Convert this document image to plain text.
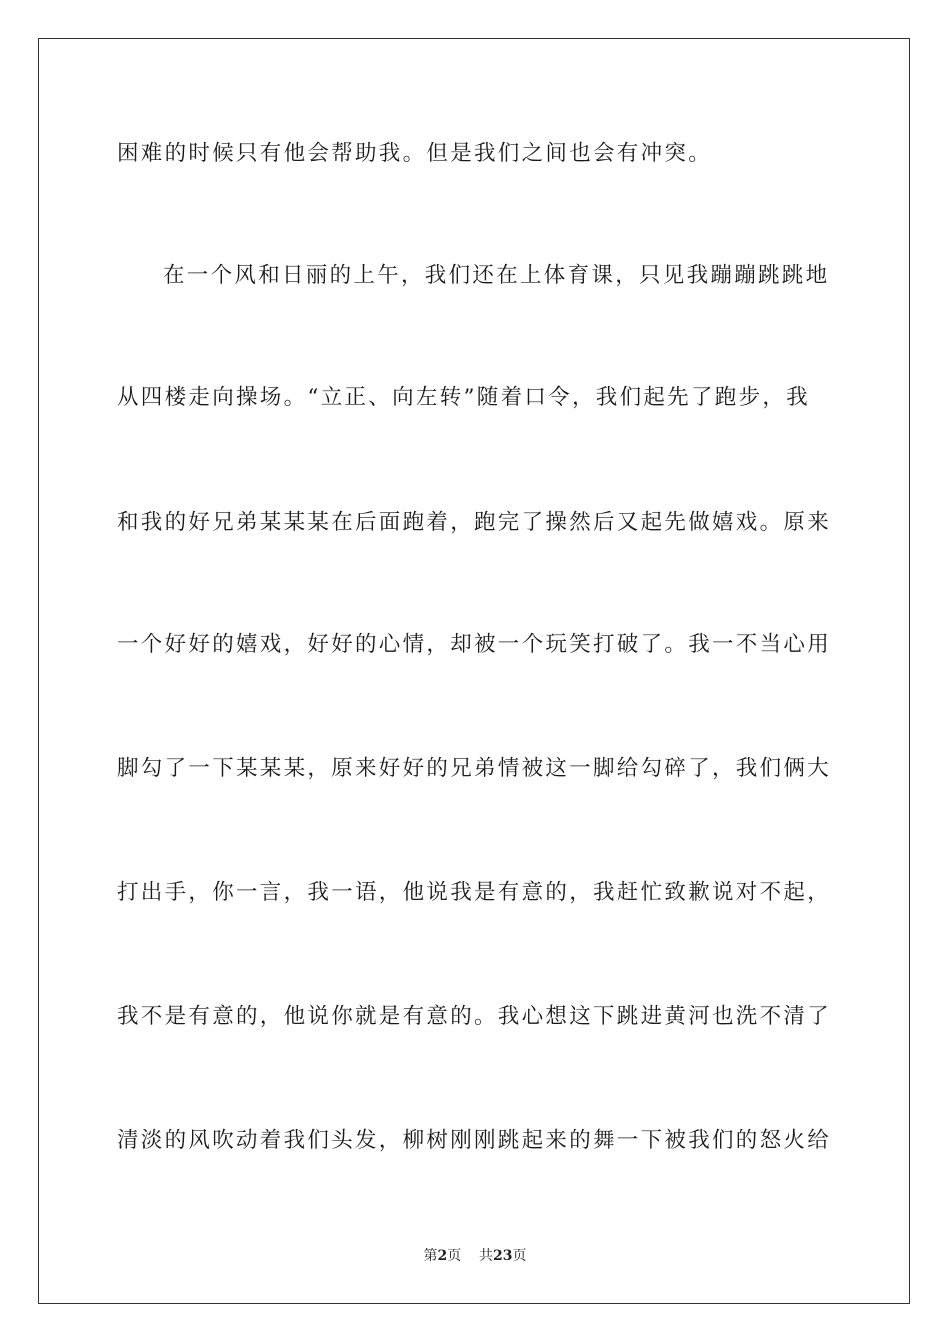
困难的时候只有他会帮助我。但是我们之间也会有冲突。
在一个风和日丽的上午，我们还在上体育课，只见我蹦蹦跳跳地
从四楼走向操场。“立正、向左转”随着口令，我们起先了跑步，我
和我的好兄弟某某某在后面跑着，跑完了操然后又起先做嬉戏。原来
一个好好的嬉戏，好好的心情，却被一个玩笑打破了。我一不当心用
脚勾了一下某某某，原来好好的兄弟情被这一脚给勾碎了，我们俩大
打出手，你一言，我一语，他说我是有意的，我赶忙致歉说对不起，
我不是有意的，他说你就是有意的。我心想这下跳进黄河也洗不清了
清淡的风吹动着我们头发，柳树刚刚跳起来的舞一下被我们的怒火给
第2页 共23页
